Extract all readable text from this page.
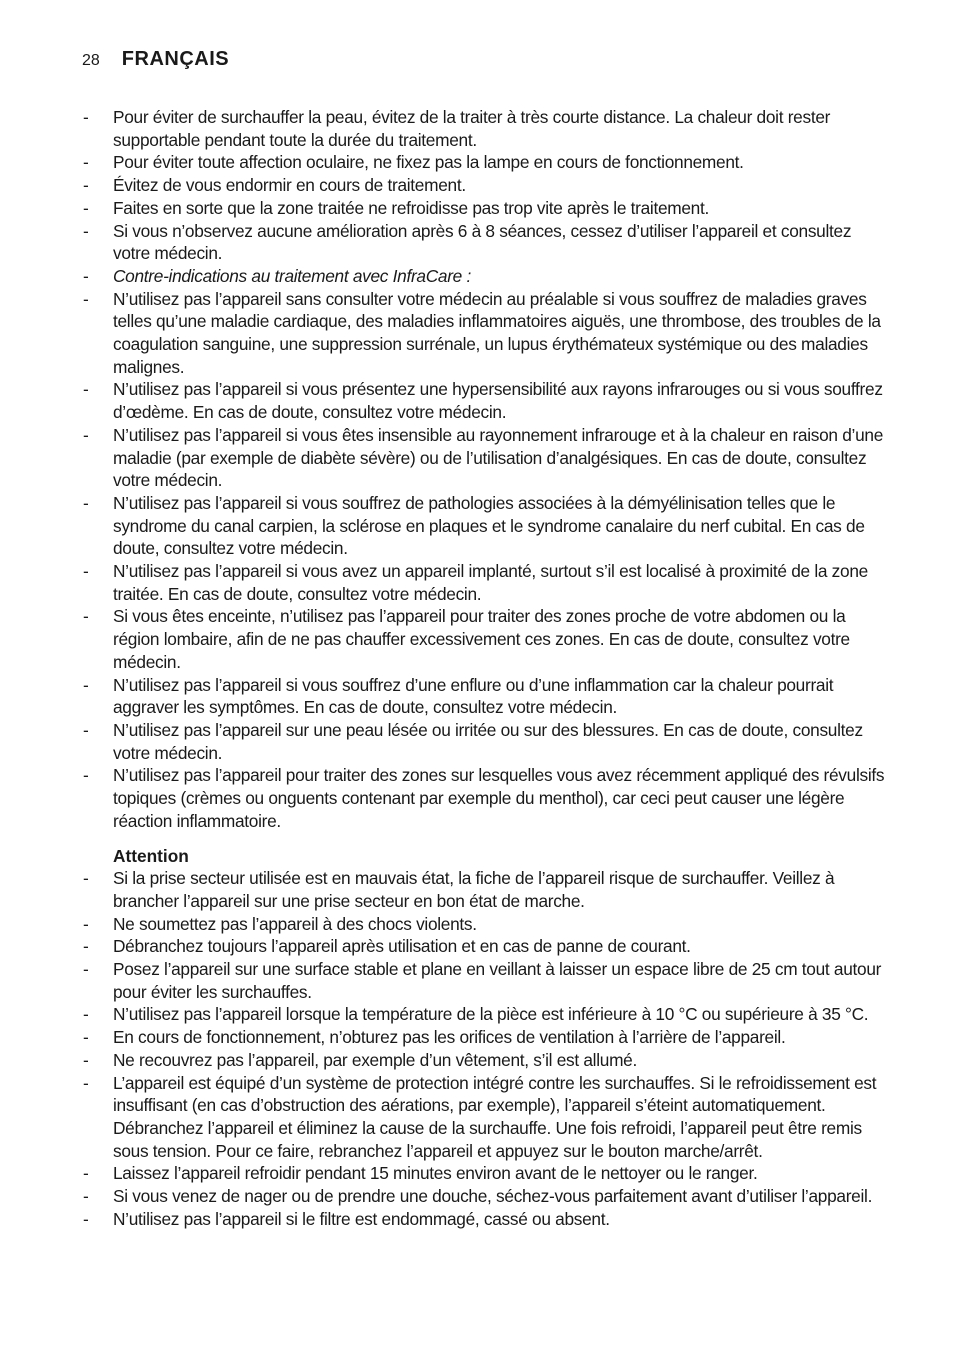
28 FRANÇAIS
- Pour éviter de surchauffer la peau, évitez de la traiter à très courte distance. La chaleur doit rester supportable pendant toute la durée du traitement.
- Pour éviter toute affection oculaire, ne fixez pas la lampe en cours de fonctionnement.
- Évitez de vous endormir en cours de traitement.
- Faites en sorte que la zone traitée ne refroidisse pas trop vite après le traitement.
- Si vous n’observez aucune amélioration après 6 à 8 séances, cessez d’utiliser l’appareil et consultez votre médecin.
- Contre-indications au traitement avec InfraCare :
- N’utilisez pas l’appareil sans consulter votre médecin au préalable si vous souffrez de maladies graves telles qu’une maladie cardiaque, des maladies inflammatoires aiguës, une thrombose, des troubles de la coagulation sanguine, une suppression surrénale, un lupus érythémateux systémique ou des maladies malignes.
- N’utilisez pas l’appareil si vous présentez une hypersensibilité aux rayons infrarouges ou si vous souffrez d’œdème. En cas de doute, consultez votre médecin.
- N’utilisez pas l’appareil si vous êtes insensible au rayonnement infrarouge et à la chaleur en raison d’une maladie (par exemple de diabète sévère) ou de l’utilisation d’analgésiques. En cas de doute, consultez votre médecin.
- N’utilisez pas l’appareil si vous souffrez de pathologies associées à la démyélinisation telles que le syndrome du canal carpien, la sclérose en plaques et le syndrome canalaire du nerf cubital. En cas de doute, consultez votre médecin.
- N’utilisez pas l’appareil si vous avez un appareil implanté, surtout s’il est localisé à proximité de la zone traitée. En cas de doute, consultez votre médecin.
- Si vous êtes enceinte, n’utilisez pas l’appareil pour traiter des zones proche de votre abdomen ou la région lombaire, afin de ne pas chauffer excessivement ces zones. En cas de doute, consultez votre médecin.
- N’utilisez pas l’appareil si vous souffrez d’une enflure ou d’une inflammation car la chaleur pourrait aggraver les symptômes. En cas de doute, consultez votre médecin.
- N’utilisez pas l’appareil sur une peau lésée ou irritée ou sur des blessures. En cas de doute, consultez votre médecin.
- N’utilisez pas l’appareil pour traiter des zones sur lesquelles vous avez récemment appliqué des révulsifs topiques (crèmes ou onguents contenant par exemple du menthol), car ceci peut causer une légère réaction inflammatoire.
Attention
- Si la prise secteur utilisée est en mauvais état, la fiche de l’appareil risque de surchauffer. Veillez à brancher l’appareil sur une prise secteur en bon état de marche.
- Ne soumettez pas l’appareil à des chocs violents.
- Débranchez toujours l’appareil après utilisation et en cas de panne de courant.
- Posez l’appareil sur une surface stable et plane en veillant à laisser un espace libre de 25 cm tout autour pour éviter les surchauffes.
- N’utilisez pas l’appareil lorsque la température de la pièce est inférieure à 10 °C ou supérieure à 35 °C.
- En cours de fonctionnement, n’obturez pas les orifices de ventilation à l’arrière de l’appareil.
- Ne recouvrez pas l’appareil, par exemple d’un vêtement, s’il est allumé.
- L’appareil est équipé d’un système de protection intégré contre les surchauffes. Si le refroidissement est insuffisant (en cas d’obstruction des aérations, par exemple), l’appareil s’éteint automatiquement. Débranchez l’appareil et éliminez la cause de la surchauffe. Une fois refroidi, l’appareil peut être remis sous tension. Pour ce faire, rebranchez l’appareil et appuyez sur le bouton marche/arrêt.
- Laissez l’appareil refroidir pendant 15 minutes environ avant de le nettoyer ou le ranger.
- Si vous venez de nager ou de prendre une douche, séchez-vous parfaitement avant d’utiliser l’appareil.
- N’utilisez pas l’appareil si le filtre est endommagé, cassé ou absent.
